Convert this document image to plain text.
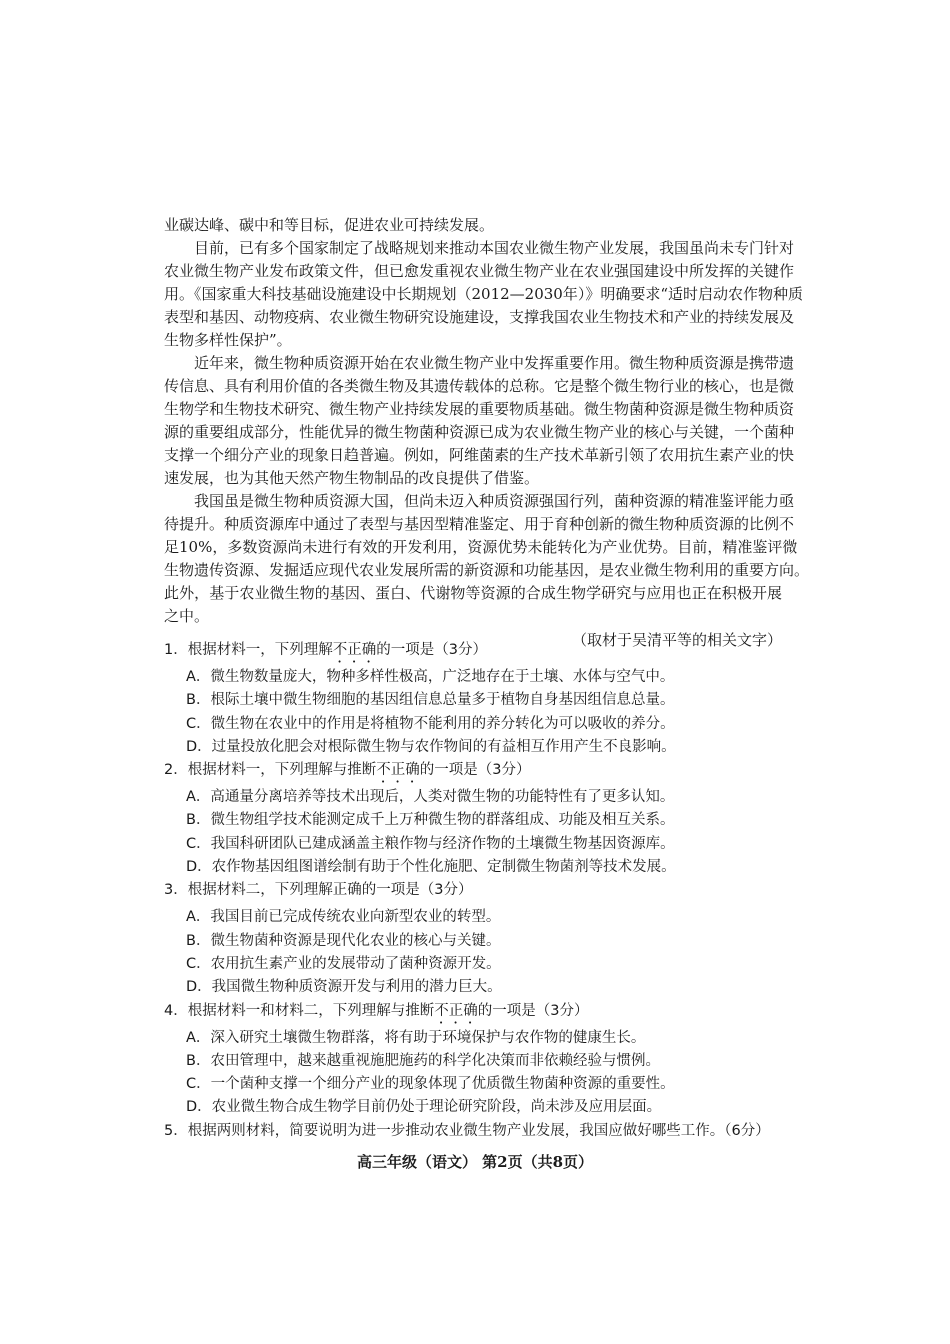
业碳达峰、碳中和等目标，促进农业可持续发展。
目前，已有多个国家制定了战略规划来推动本国农业微生物产业发展，我国虽尚未专门针对
农业微生物产业发布政策文件，但已愈发重视农业微生物产业在农业强国建设中所发挥的关键作
用。《国家重大科技基础设施建设中长期规划（2012—2030年）》明确要求“适时启动农作物种质
表型和基因、动物疫病、农业微生物研究设施建设，支撑我国农业生物技术和产业的持续发展及
生物多样性保护”。
近年来，微生物种质资源开始在农业微生物产业中发挥重要作用。微生物种质资源是携带遗
传信息、具有利用价值的各类微生物及其遗传载体的总称。它是整个微生物行业的核心，也是微
生物学和生物技术研究、微生物产业持续发展的重要物质基础。微生物菌种资源是微生物种质资
源的重要组成部分，性能优异的微生物菌种资源已成为农业微生物产业的核心与关键，一个菌种
支撑一个细分产业的现象日趋普遍。例如，阿维菌素的生产技术革新引领了农用抗生素产业的快
速发展，也为其他天然产物生物制品的改良提供了借鉴。
我国虽是微生物种质资源大国，但尚未迈入种质资源强国行列，菌种资源的精准鉴评能力亟
待提升。种质资源库中通过了表型与基因型精准鉴定、用于育种创新的微生物种质资源的比例不
足10%，多数资源尚未进行有效的开发利用，资源优势未能转化为产业优势。目前，精准鉴评微
生物遗传资源、发掘适应现代农业发展所需的新资源和功能基因，是农业微生物利用的重要方向。
此外，基于农业微生物的基因、蛋白、代谢物等资源的合成生物学研究与应用也正在积极开展
之中。
（取材于吴清平等的相关文字）
1．根据材料一，下列理解不正确的一项是（3分）
A．微生物数量庞大，物种多样性极高，广泛地存在于土壤、水体与空气中。
B．根际土壤中微生物细胞的基因组信息总量多于植物自身基因组信息总量。
C．微生物在农业中的作用是将植物不能利用的养分转化为可以吸收的养分。
D．过量投放化肥会对根际微生物与农作物间的有益相互作用产生不良影响。
2．根据材料一，下列理解与推断不正确的一项是（3分）
A．高通量分离培养等技术出现后，人类对微生物的功能特性有了更多认知。
B．微生物组学技术能测定成千上万种微生物的群落组成、功能及相互关系。
C．我国科研团队已建成涵盖主粮作物与经济作物的土壤微生物基因资源库。
D．农作物基因组图谱绘制有助于个性化施肥、定制微生物菌剂等技术发展。
3．根据材料二，下列理解正确的一项是（3分）
A．我国目前已完成传统农业向新型农业的转型。
B．微生物菌种资源是现代化农业的核心与关键。
C．农用抗生素产业的发展带动了菌种资源开发。
D．我国微生物种质资源开发与利用的潜力巨大。
4．根据材料一和材料二，下列理解与推断不正确的一项是（3分）
A．深入研究土壤微生物群落，将有助于环境保护与农作物的健康生长。
B．农田管理中，越来越重视施肥施药的科学化决策而非依赖经验与惯例。
C．一个菌种支撑一个细分产业的现象体现了优质微生物菌种资源的重要性。
D．农业微生物合成生物学目前仍处于理论研究阶段，尚未涉及应用层面。
5．根据两则材料，简要说明为进一步推动农业微生物产业发展，我国应做好哪些工作。（6分）
高三年级（语文） 第2页（共8页）
